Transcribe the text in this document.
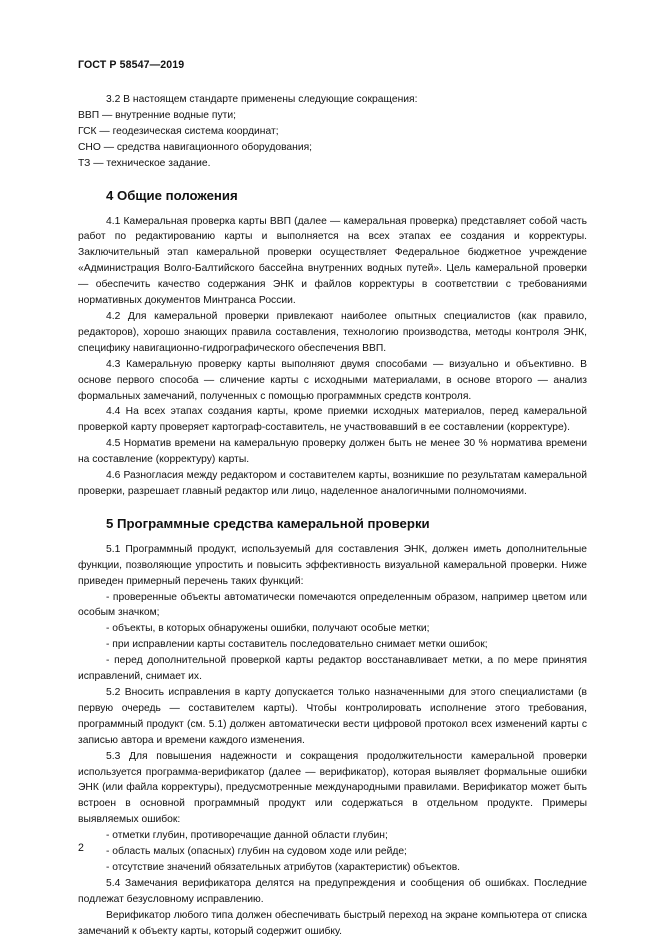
ГОСТ Р 58547—2019

3.2 В настоящем стандарте применены следующие сокращения:

ВВП — внутренние водные пути;
ГСК — геодезическая система координат;
СНО — средства навигационного оборудования;
ТЗ — техническое задание.
4 Общие положения

4.1 Камеральная проверка карты ВВП (далее — камеральная проверка) представляет собой часть работ по редактированию карты и выполняется на всех этапах ее создания и корректуры. Заключительный этап камеральной проверки осуществляет Федеральное бюджетное учреждение «Администрация Волго-Балтийского бассейна внутренних водных путей». Цель камеральной проверки — обеспечить качество содержания ЭНК и файлов корректуры в соответствии с требованиями нормативных документов Минтранса России.

4.2 Для камеральной проверки привлекают наиболее опытных специалистов (как правило, редакторов), хорошо знающих правила составления, технологию производства, методы контроля ЭНК, специфику навигационно-гидрографического обеспечения ВВП.

4.3 Камеральную проверку карты выполняют двумя способами — визуально и объективно. В основе первого способа — сличение карты с исходными материалами, в основе второго — анализ формальных замечаний, полученных с помощью программных средств контроля.

4.4 На всех этапах создания карты, кроме приемки исходных материалов, перед камеральной проверкой карту проверяет картограф-составитель, не участвовавший в ее составлении (корректуре).

4.5 Норматив времени на камеральную проверку должен быть не менее 30 % норматива времени на составление (корректуру) карты.

4.6 Разногласия между редактором и составителем карты, возникшие по результатам камеральной проверки, разрешает главный редактор или лицо, наделенное аналогичными полномочиями.

5 Программные средства камеральной проверки

5.1 Программный продукт, используемый для составления ЭНК, должен иметь дополнительные функции, позволяющие упростить и повысить эффективность визуальной камеральной проверки. Ниже приведен примерный перечень таких функций:

- проверенные объекты автоматически помечаются определенным образом, например цветом или особым значком;
- объекты, в которых обнаружены ошибки, получают особые метки;
- при исправлении карты составитель последовательно снимает метки ошибок;
- перед дополнительной проверкой карты редактор восстанавливает метки, а по мере принятия исправлений, снимает их.

5.2 Вносить исправления в карту допускается только назначенными для этого специалистами (в первую очередь — составителем карты). Чтобы контролировать исполнение этого требования, программный продукт (см. 5.1) должен автоматически вести цифровой протокол всех изменений карты с записью автора и времени каждого изменения.

5.3 Для повышения надежности и сокращения продолжительности камеральной проверки используется программа-верификатор (далее — верификатор), которая выявляет формальные ошибки ЭНК (или файла корректуры), предусмотренные международными правилами. Верификатор может быть встроен в основной программный продукт или содержаться в отдельном продукте. Примеры выявляемых ошибок:

- отметки глубин, противоречащие данной области глубин;
- область малых (опасных) глубин на судовом ходе или рейде;
- отсутствие значений обязательных атрибутов (характеристик) объектов.

5.4 Замечания верификатора делятся на предупреждения и сообщения об ошибках. Последние подлежат безусловному исправлению.

Верификатор любого типа должен обеспечивать быстрый переход на экране компьютера от списка замечаний к объекту карты, который содержит ошибку.

2
